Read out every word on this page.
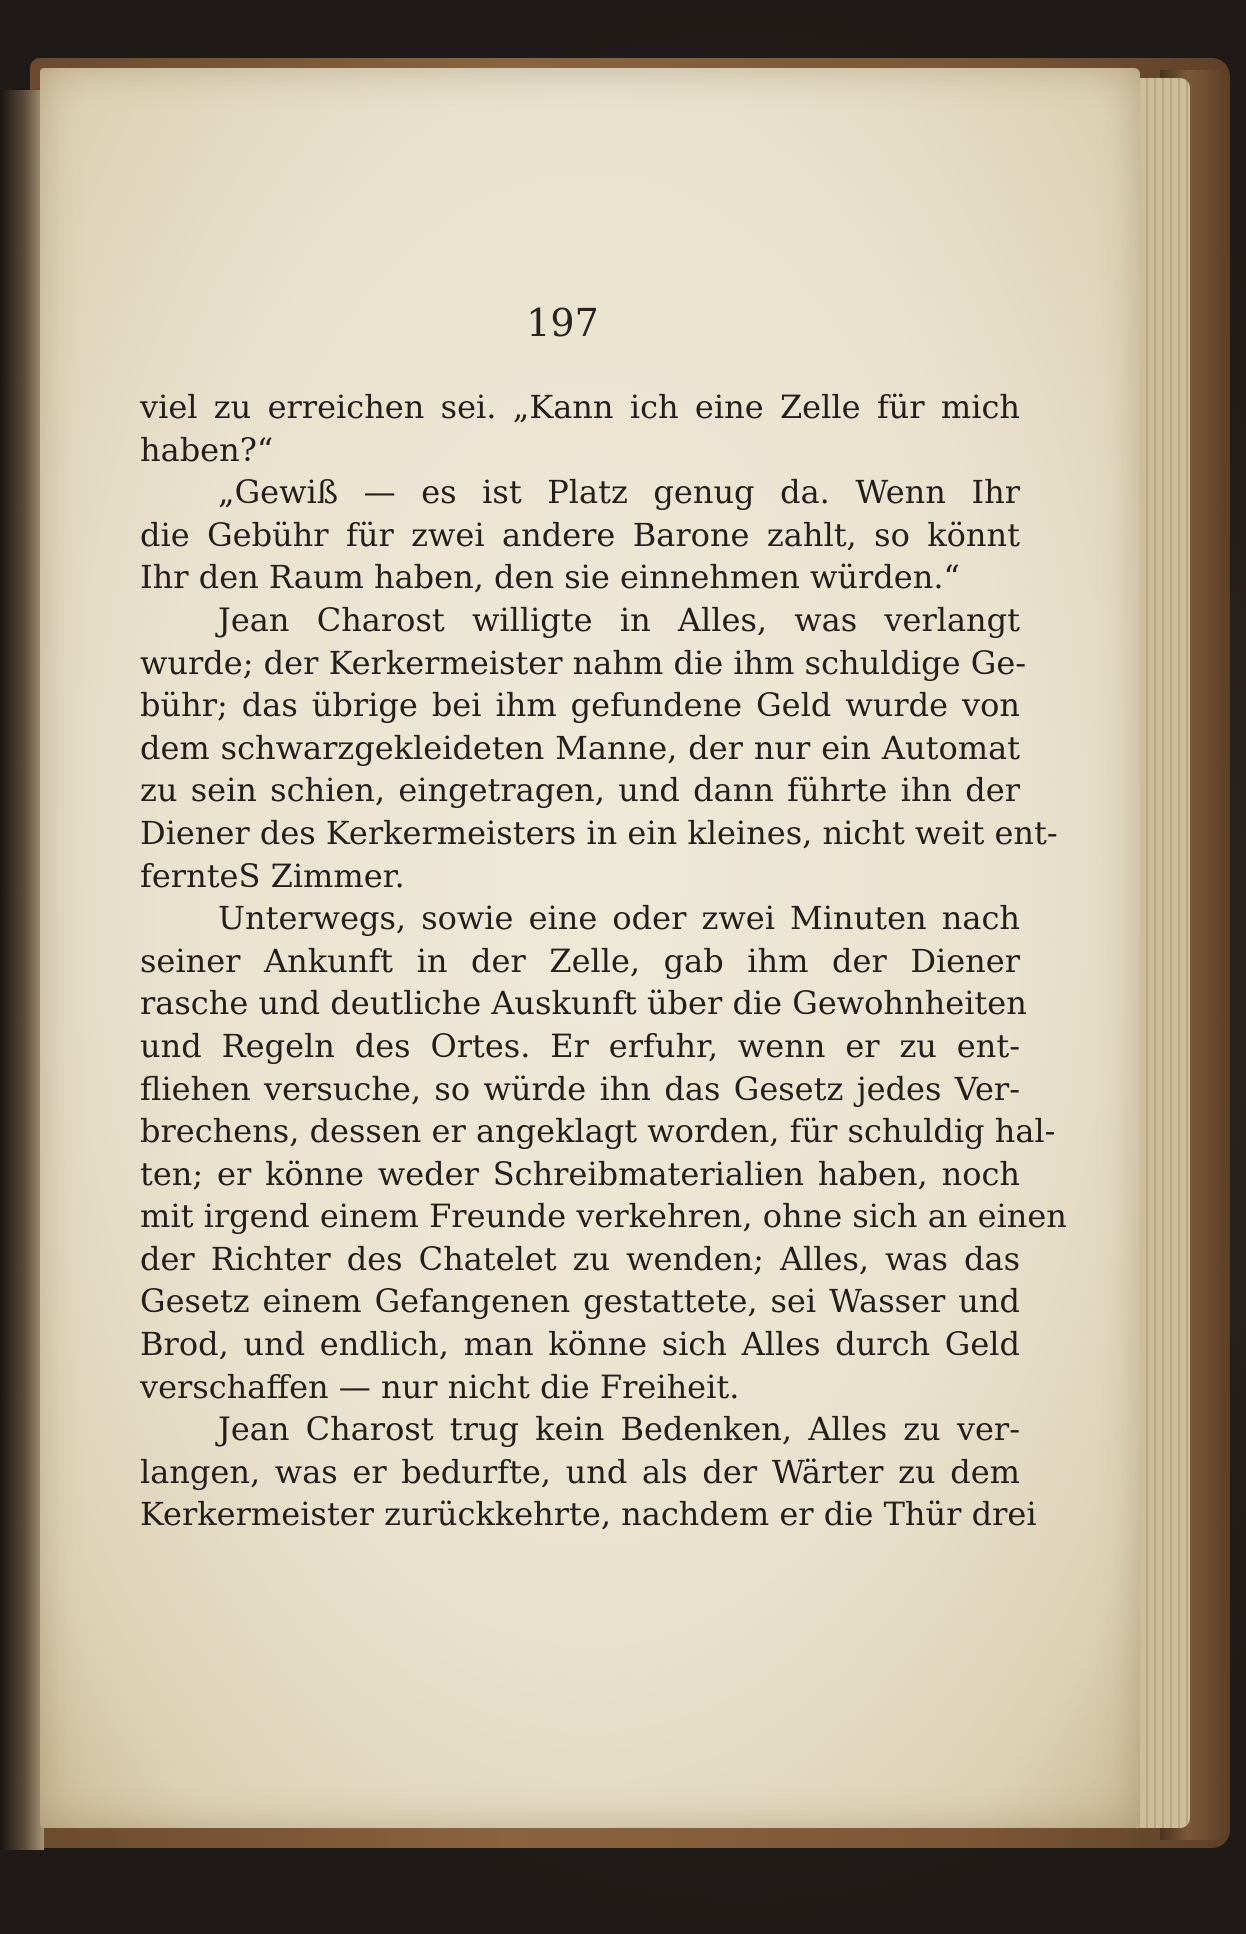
197
viel zu erreichen sei. „Kann ich eine Zelle für mich
haben?“
„Gewiß — es ist Platz genug da. Wenn Ihr
die Gebühr für zwei andere Barone zahlt, so könnt
Ihr den Raum haben, den sie einnehmen würden.“
Jean Charost willigte in Alles, was verlangt
wurde; der Kerkermeister nahm die ihm schuldige Ge-
bühr; das übrige bei ihm gefundene Geld wurde von
dem schwarzgekleideten Manne, der nur ein Automat
zu sein schien, eingetragen, und dann führte ihn der
Diener des Kerkermeisters in ein kleines, nicht weit ent-
fernteS Zimmer.
Unterwegs, sowie eine oder zwei Minuten nach
seiner Ankunft in der Zelle, gab ihm der Diener
rasche und deutliche Auskunft über die Gewohnheiten
und Regeln des Ortes. Er erfuhr, wenn er zu ent-
fliehen versuche, so würde ihn das Gesetz jedes Ver-
brechens, dessen er angeklagt worden, für schuldig hal-
ten; er könne weder Schreibmaterialien haben, noch
mit irgend einem Freunde verkehren, ohne sich an einen
der Richter des Chatelet zu wenden; Alles, was das
Gesetz einem Gefangenen gestattete, sei Wasser und
Brod, und endlich, man könne sich Alles durch Geld
verschaffen — nur nicht die Freiheit.
Jean Charost trug kein Bedenken, Alles zu ver-
langen, was er bedurfte, und als der Wärter zu dem
Kerkermeister zurückkehrte, nachdem er die Thür drei
